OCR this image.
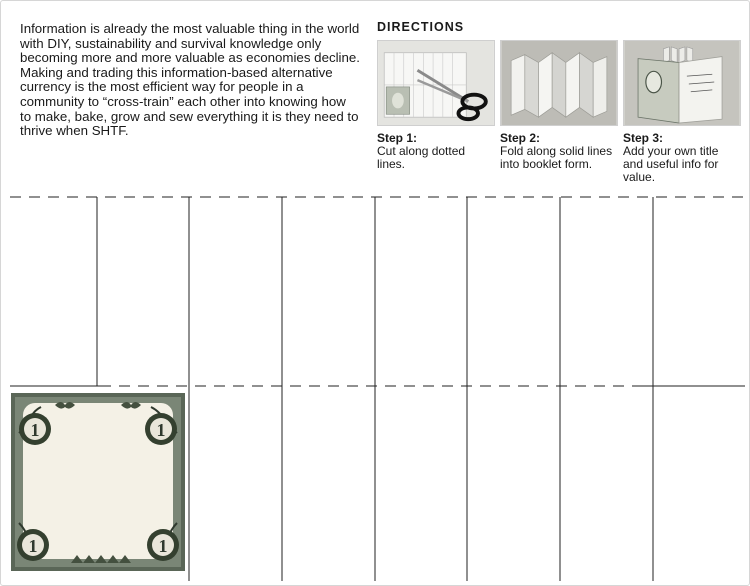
Information is already the most valuable thing in the world with DIY, sustainability and survival knowledge only becoming more and more valuable as economies decline. Making and trading this information-based alternative currency is the most efficient way for people in a community to “cross-train” each other into knowing how to make, bake, grow and sew everything it is they need to thrive when SHTF.

DIRECTIONS
Step 1:
Cut along dotted lines.
Step 2:
Fold along solid lines into booklet form.
Step 3:
Add your own title and useful info for value.
1	1
1	1
